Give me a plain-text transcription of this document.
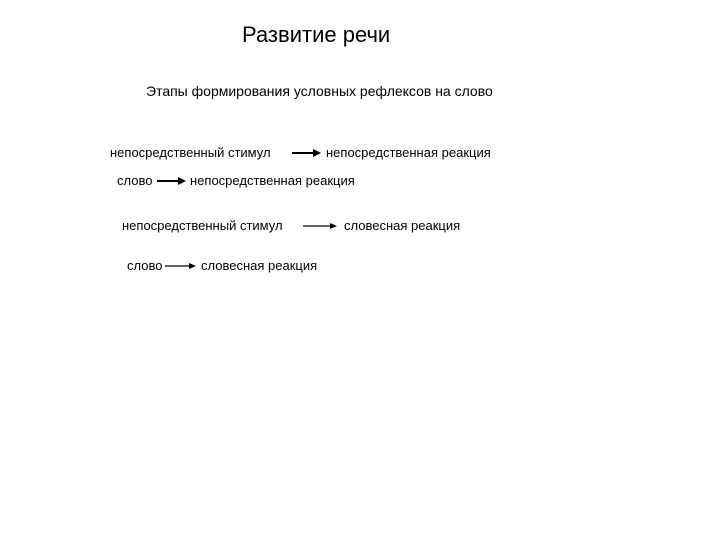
Развитие речи
Этапы формирования условных рефлексов на слово
непосредственный стимул	непосредственная реакция
слово	непосредственная реакция
непосредственный стимул	словесная реакция
слово	словесная реакция
